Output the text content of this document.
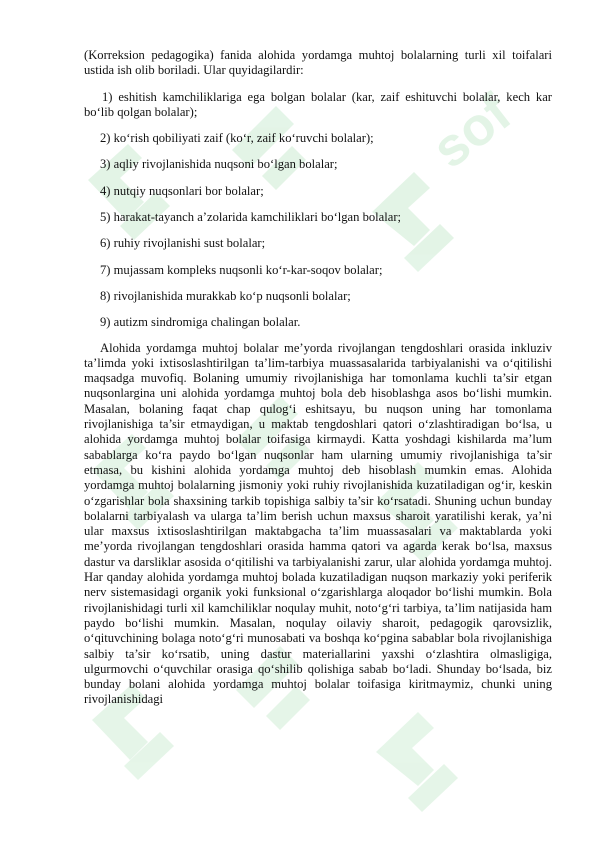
sof

(Korreksion pedagogika) fanida alohida yordamga muhtoj bolalarning turli xil toifalari ustida ish olib boriladi. Ular quyidagilardir:

1) eshitish kamchiliklariga ega bolgan bolalar (kar, zaif eshituvchi bolalar, kech kar bo‘lib qolgan bolalar);

2) ko‘rish qobiliyati zaif (ko‘r, zaif ko‘ruvchi bolalar);

3) aqliy rivojlanishida nuqsoni bo‘lgan bolalar;

4) nutqiy nuqsonlari bor bolalar;

5) harakat-tayanch a’zolarida kamchiliklari bo‘lgan bolalar;

6) ruhiy rivojlanishi sust bolalar;

7) mujassam kompleks nuqsonli ko‘r-kar-soqov bolalar;

8) rivojlanishida murakkab ko‘p nuqsonli bolalar;

9) autizm sindromiga chalingan bolalar.

Alohida yordamga muhtoj bolalar me’yorda rivojlangan tengdoshlari orasida inkluziv ta’limda yoki ixtisoslashtirilgan ta’lim-tarbiya muassasalarida tarbiyalanishi va o‘qitilishi maqsadga muvofiq. Bolaning umumiy rivojlanishiga har tomonlama kuchli ta’sir etgan nuqsonlargina uni alohida yordamga muhtoj bola deb hisoblashga asos bo‘lishi mumkin. Masalan, bolaning faqat chap qulog‘i eshitsayu, bu nuqson uning har tomonlama rivojlanishiga ta’sir etmaydigan, u maktab tengdoshlari qatori o‘zlashtiradigan bo‘lsa, u alohida yordamga muhtoj bolalar toifasiga kirmaydi. Katta yoshdagi kishilarda ma’lum sabablarga ko‘ra paydo bo‘lgan nuqsonlar ham ularning umumiy rivojlanishiga ta’sir etmasa, bu kishini alohida yordamga muhtoj deb hisoblash mumkin emas. Alohida yordamga muhtoj bolalarning jismoniy yoki ruhiy rivojlanishida kuzatiladigan og‘ir, keskin o‘zgarishlar bola shaxsining tarkib topishiga salbiy ta’sir ko‘rsatadi. Shuning uchun bunday bolalarni tarbiyalash va ularga ta’lim berish uchun maxsus sharoit yaratilishi kerak, ya’ni ular maxsus ixtisoslashtirilgan maktabgacha ta’lim muassasalari va maktablarda yoki me’yorda rivojlangan tengdoshlari orasida hamma qatori va agarda kerak bo‘lsa, maxsus dastur va darsliklar asosida o‘qitilishi va tarbiyalanishi zarur, ular alohida yordamga muhtoj. Har qanday alohida yordamga muhtoj bolada kuzatiladigan nuqson markaziy yoki periferik nerv sistemasidagi organik yoki funksional o‘zgarishlarga aloqador bo‘lishi mumkin. Bola rivojlanishidagi turli xil kamchiliklar noqulay muhit, noto‘g‘ri tarbiya, ta’lim natijasida ham paydo bo‘lishi mumkin. Masalan, noqulay oilaviy sharoit, pedagogik qarovsizlik, o‘qituvchining bolaga noto‘g‘ri munosabati va boshqa ko‘pgina sabablar bola rivojlanishiga salbiy ta’sir ko‘rsatib, uning dastur materiallarini yaxshi o‘zlashtira olmasligiga, ulgurmovchi o‘quvchilar orasiga qo‘shilib qolishiga sabab bo‘ladi. Shunday bo‘lsada, biz bunday bolani alohida yordamga muhtoj bolalar toifasiga kiritmaymiz, chunki uning rivojlanishidagi
